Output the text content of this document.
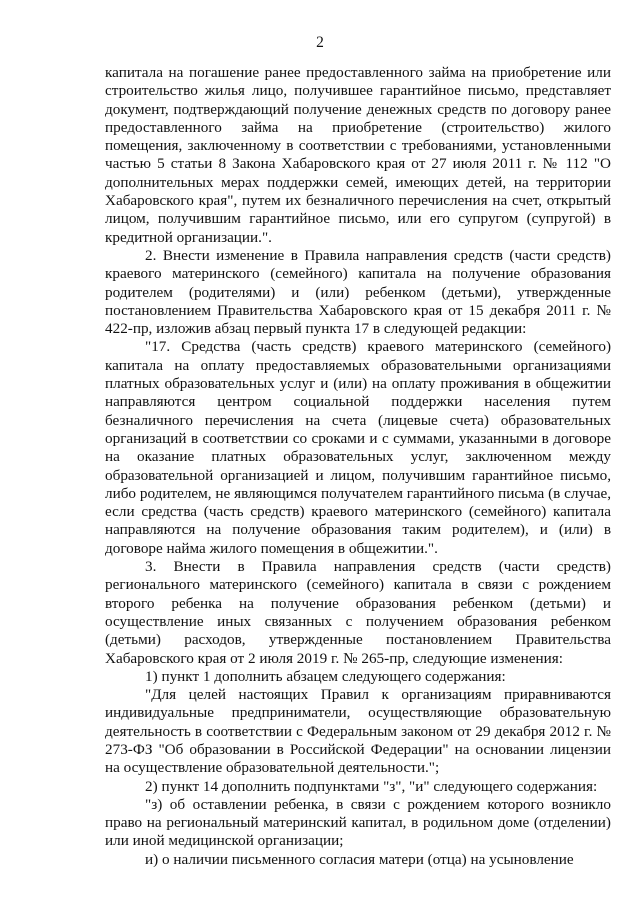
2

капитала на погашение ранее предоставленного займа на приобретение или строительство жилья лицо, получившее гарантийное письмо, представляет документ, подтверждающий получение денежных средств по договору ранее предоставленного займа на приобретение (строительство) жилого помещения, заключенному в соответствии с требованиями, установленными частью 5 статьи 8 Закона Хабаровского края от 27 июля 2011 г. № 112 "О дополнительных мерах поддержки семей, имеющих детей, на территории Хабаровского края", путем их безналичного перечисления на счет, открытый лицом, получившим гарантийное письмо, или его супругом (супругой) в кредитной организации.".

2. Внести изменение в Правила направления средств (части средств) краевого материнского (семейного) капитала на получение образования родителем (родителями) и (или) ребенком (детьми), утвержденные постановлением Правительства Хабаровского края от 15 декабря 2011 г. № 422-пр, изложив абзац первый пункта 17 в следующей редакции:

"17. Средства (часть средств) краевого материнского (семейного) капитала на оплату предоставляемых образовательными организациями платных образовательных услуг и (или) на оплату проживания в общежитии направляются центром социальной поддержки населения путем безналичного перечисления на счета (лицевые счета) образовательных организаций в соответствии со сроками и с суммами, указанными в договоре на оказание платных образовательных услуг, заключенном между образовательной организацией и лицом, получившим гарантийное письмо, либо родителем, не являющимся получателем гарантийного письма (в случае, если средства (часть средств) краевого материнского (семейного) капитала направляются на получение образования таким родителем), и (или) в договоре найма жилого помещения в общежитии.".

3. Внести в Правила направления средств (части средств) регионального материнского (семейного) капитала в связи с рождением второго ребенка на получение образования ребенком (детьми) и осуществление иных связанных с получением образования ребенком (детьми) расходов, утвержденные постановлением Правительства Хабаровского края от 2 июля 2019 г. № 265-пр, следующие изменения:

1) пункт 1 дополнить абзацем следующего содержания:

"Для целей настоящих Правил к организациям приравниваются индивидуальные предприниматели, осуществляющие образовательную деятельность в соответствии с Федеральным законом от 29 декабря 2012 г. № 273-ФЗ "Об образовании в Российской Федерации" на основании лицензии на осуществление образовательной деятельности.";

2) пункт 14 дополнить подпунктами "з", "и" следующего содержания:

"з) об оставлении ребенка, в связи с рождением которого возникло право на региональный материнский капитал, в родильном доме (отделении) или иной медицинской организации;

и) о наличии письменного согласия матери (отца) на усыновление
